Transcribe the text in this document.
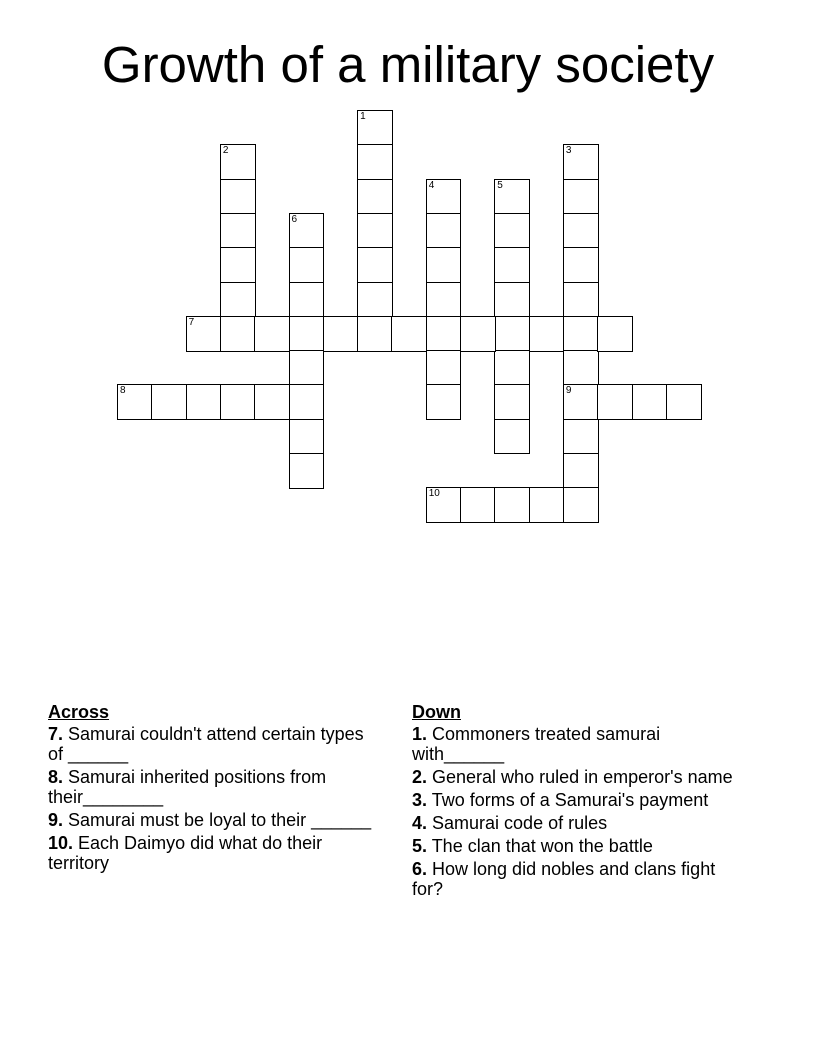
Growth of a military society
1
2	3
9
4	5
6
7
8
10
Across
7. Samurai couldn't attend certain types of ______
8. Samurai inherited positions from their________
9. Samurai must be loyal to their ______
10. Each Daimyo did what do their territory
Down
1. Commoners treated samurai with______
2. General who ruled in emperor's name
3. Two forms of a Samurai's payment
4. Samurai code of rules
5. The clan that won the battle
6. How long did nobles and clans fight for?
